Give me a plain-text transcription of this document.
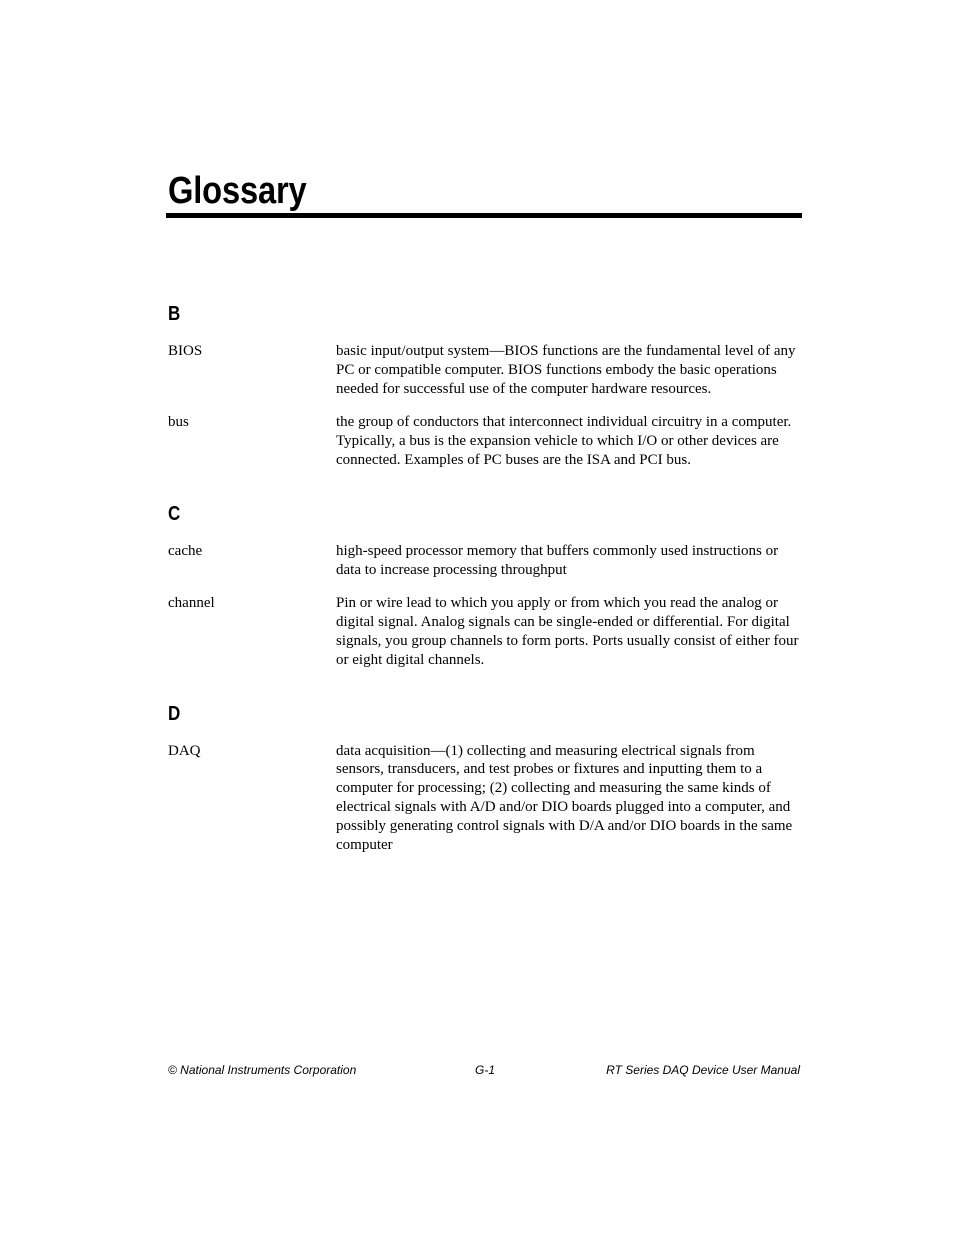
Glossary
B
BIOS	basic input/output system—BIOS functions are the fundamental level of any PC or compatible computer. BIOS functions embody the basic operations needed for successful use of the computer hardware resources.
bus	the group of conductors that interconnect individual circuitry in a computer. Typically, a bus is the expansion vehicle to which I/O or other devices are connected. Examples of PC buses are the ISA and PCI bus.
C
cache	high-speed processor memory that buffers commonly used instructions or data to increase processing throughput
channel	Pin or wire lead to which you apply or from which you read the analog or digital signal. Analog signals can be single-ended or differential. For digital signals, you group channels to form ports. Ports usually consist of either four or eight digital channels.
D
DAQ	data acquisition—(1) collecting and measuring electrical signals from sensors, transducers, and test probes or fixtures and inputting them to a computer for processing; (2) collecting and measuring the same kinds of electrical signals with A/D and/or DIO boards plugged into a computer, and possibly generating control signals with D/A and/or DIO boards in the same computer
© National Instruments Corporation	G-1	RT Series DAQ Device User Manual
